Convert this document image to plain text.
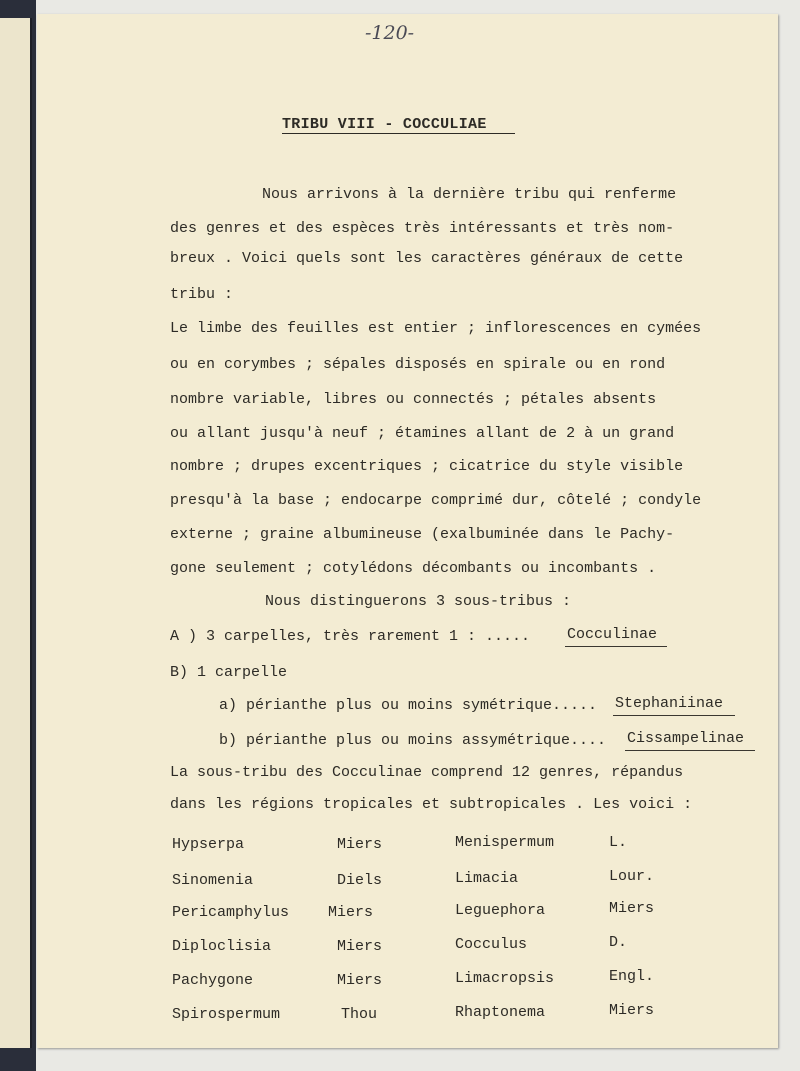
-120-
TRIBU VIII - COCCULIAE
Nous arrivons à la dernière tribu qui renferme
des genres et des espèces très intéressants et très nom-
breux . Voici quels sont les caractères généraux de cette
tribu :
Le limbe des feuilles est entier ; inflorescences en cymées
ou en corymbes ; sépales disposés en spirale ou en rond
nombre variable, libres ou connectés ; pétales absents
ou allant jusqu'à neuf ; étamines allant de 2 à un grand
nombre ; drupes excentriques ; cicatrice du style visible
presqu'à la base ; endocarpe comprimé dur, côtelé ; condyle
externe ; graine albumineuse (exalbuminée dans le Pachy-
gone seulement ; cotylédons décombants ou incombants .
Nous distinguerons 3 sous-tribus :
A ) 3 carpelles, très rarement 1 : ..... Cocculinae
B) 1 carpelle
a) périanthe plus ou moins symétrique..... Stephaniinae
b) périanthe plus ou moins assymétrique.... Cissampelinae
La sous-tribu des Cocculinae comprend 12 genres, répandus
dans les régions tropicales et subtropicales . Les voici :
Hypserpa	Miers	Menispermum	L.
Sinomenia	Diels	Limacia	Lour.
Pericamphylus	Miers	Leguephora	Miers
Diploclisia	Miers	Cocculus	D.
Pachygone	Miers	Limacropsis	Engl.
Spirospermum	Thou	Rhaptonema	Miers
